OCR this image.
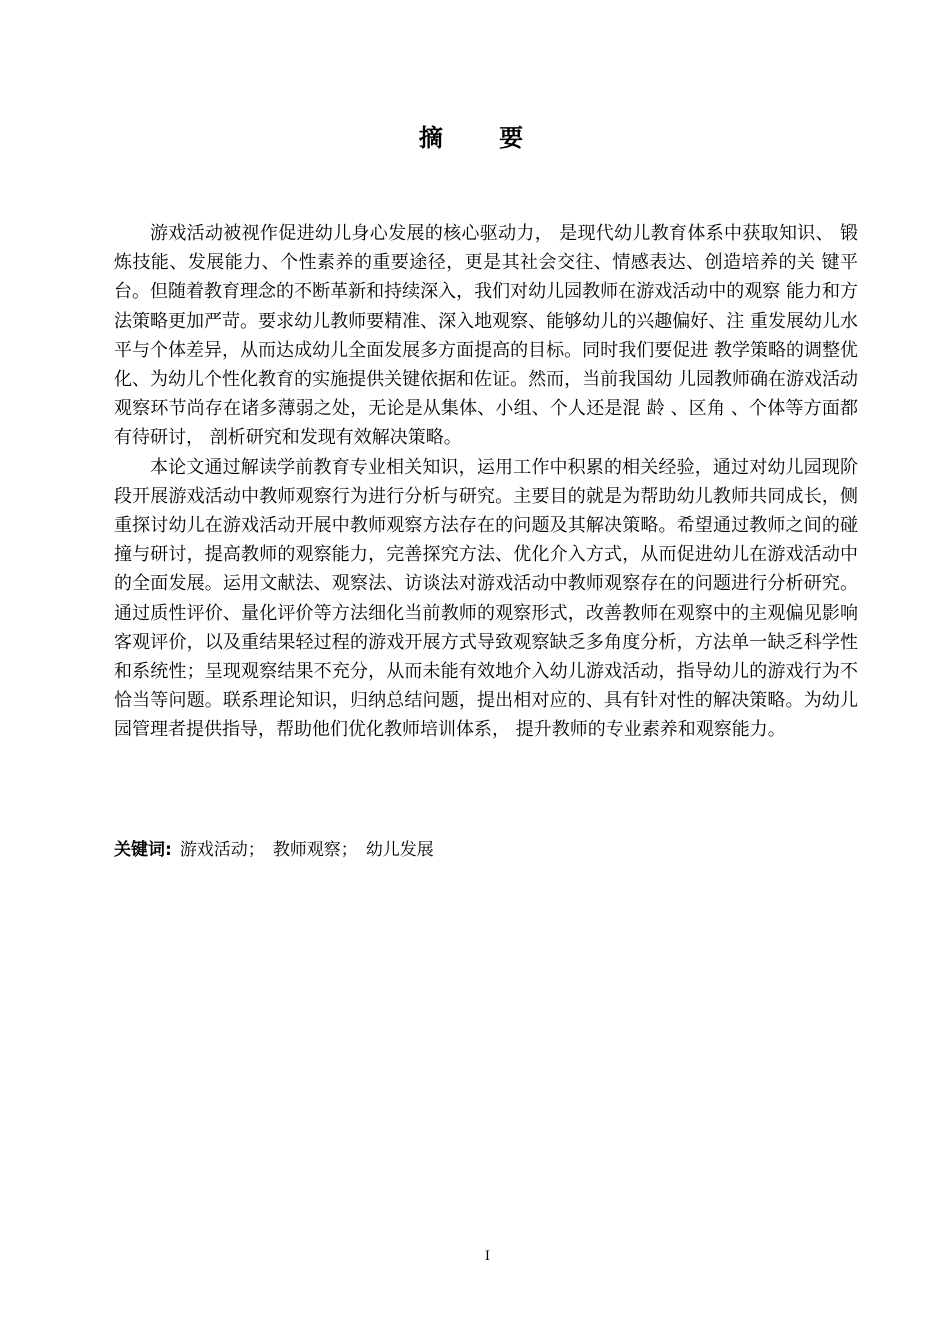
摘 要

游戏活动被视作促进幼儿身心发展的核心驱动力， 是现代幼儿教育体系中获取知识、 锻炼技能、发展能力、个性素养的重要途径，更是其社会交往、情感表达、创造培养的关 键平台。但随着教育理念的不断革新和持续深入，我们对幼儿园教师在游戏活动中的观察 能力和方法策略更加严苛。要求幼儿教师要精准、深入地观察、能够幼儿的兴趣偏好、注 重发展幼儿水平与个体差异，从而达成幼儿全面发展多方面提高的目标。同时我们要促进 教学策略的调整优化、为幼儿个性化教育的实施提供关键依据和佐证。然而，当前我国幼 儿园教师确在游戏活动观察环节尚存在诸多薄弱之处，无论是从集体、小组、个人还是混 龄 、区角 、个体等方面都有待研讨， 剖析研究和发现有效解决策略。

本论文通过解读学前教育专业相关知识，运用工作中积累的相关经验，通过对幼儿园现阶段开展游戏活动中教师观察行为进行分析与研究。主要目的就是为帮助幼儿教师共同成长，侧重探讨幼儿在游戏活动开展中教师观察方法存在的问题及其解决策略。希望通过教师之间的碰撞与研讨，提高教师的观察能力，完善探究方法、优化介入方式，从而促进幼儿在游戏活动中的全面发展。运用文献法、观察法、访谈法对游戏活动中教师观察存在的问题进行分析研究。通过质性评价、量化评价等方法细化当前教师的观察形式，改善教师在观察中的主观偏见影响客观评价，以及重结果轻过程的游戏开展方式导致观察缺乏多角度分析，方法单一缺乏科学性和系统性；呈现观察结果不充分，从而未能有效地介入幼儿游戏活动，指导幼儿的游戏行为不恰当等问题。联系理论知识，归纳总结问题，提出相对应的、具有针对性的解决策略。为幼儿园管理者提供指导，帮助他们优化教师培训体系， 提升教师的专业素养和观察能力。

关键词: 游戏活动； 教师观察； 幼儿发展
I
